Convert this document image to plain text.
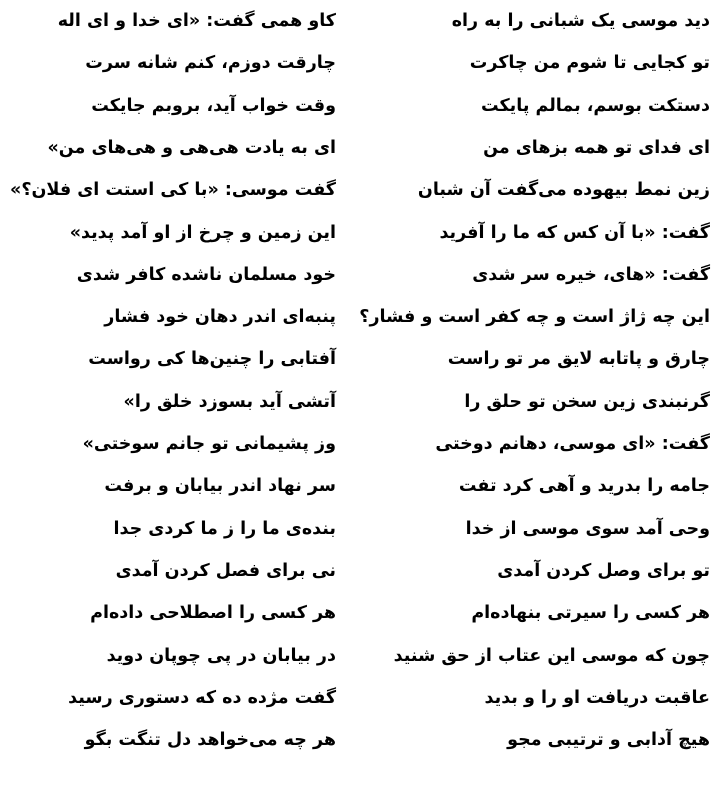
دید موسی یک شبانی را به راه
کاو همی گفت: «ای خدا و ای اله
تو کجایی تا شوم من چاکرت
چارقت دوزم، کنم شانه سرت
دستکت بوسم، بمالم پایکت
وقت خواب آید، بروبم جایکت
ای فدای تو همه بزهای من
ای به یادت هی‌هی و هی‌های من»
زین نمط بیهوده می‌گفت آن شبان
گفت موسی: «با کی استت ای فلان؟»
گفت: «با آن کس که ما را آفرید
این زمین و چرخ از او آمد پدید»
گفت: «های، خیره سر شدی
خود مسلمان ناشده کافر شدی
این چه ژاژ است و چه کفر است و فشار؟
پنبه‌ای اندر دهان خود فشار
چارق و پاتابه لایق مر تو راست
آفتابی را چنین‌ها کی رواست
گرنبندی زین سخن تو حلق را
آتشی آید بسوزد خلق را»
گفت: «ای موسی، دهانم دوختی
وز پشیمانی تو جانم سوختی»
جامه را بدرید و آهی کرد تفت
سر نهاد اندر بیابان و برفت
وحی آمد سوی موسی از خدا
بنده‌ی ما را ز ما کردی جدا
تو برای وصل کردن آمدی
نی برای فصل کردن آمدی
هر کسی را سیرتی بنهاده‌ام
هر کسی را اصطلاحی داده‌ام
چون که موسی این عتاب از حق شنید
در بیابان در پی چوپان دوید
عاقبت دریافت او را و بدید
گفت مژده ده که دستوری رسید
هیچ آدابی و ترتیبی مجو
هر چه می‌خواهد دل تنگت بگو
